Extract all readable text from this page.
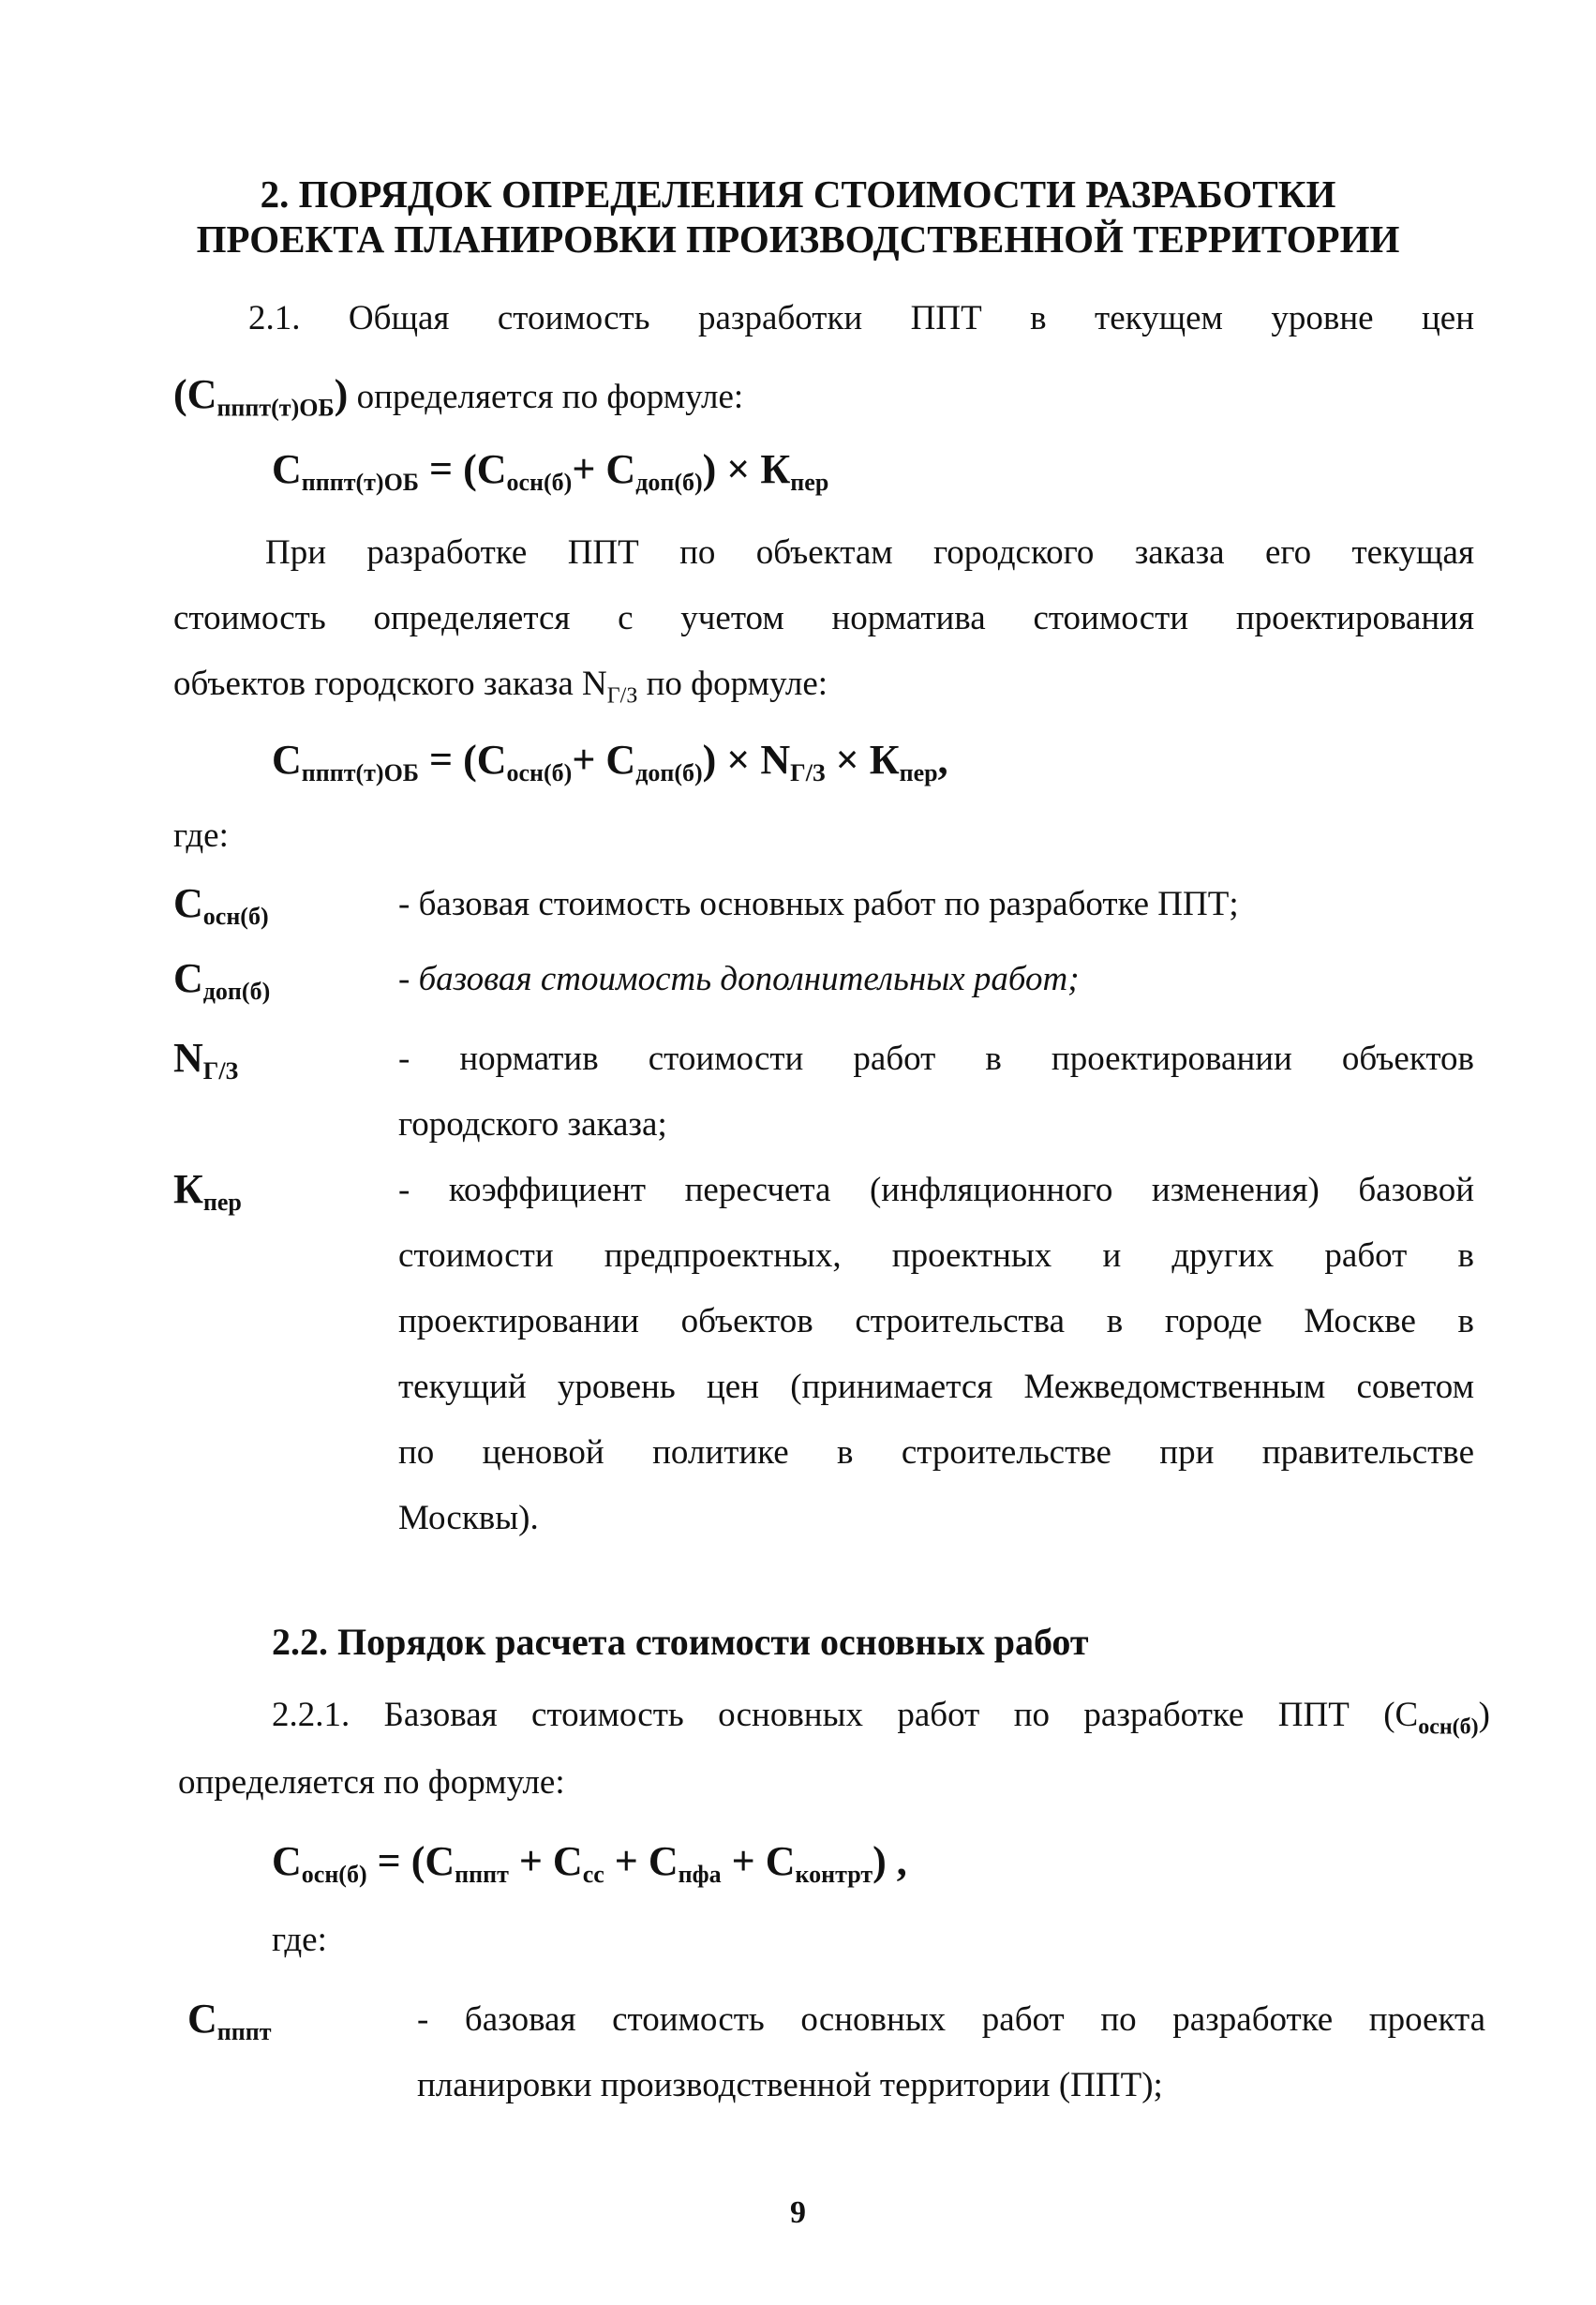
2. ПОРЯДОК ОПРЕДЕЛЕНИЯ СТОИМОСТИ РАЗРАБОТКИ
ПРОЕКТА ПЛАНИРОВКИ ПРОИЗВОДСТВЕННОЙ ТЕРРИТОРИИ
2.1. Общая стоимость разработки ППТ в текущем уровне цен
$(С_{пппт(т)ОБ})$ определяется по формуле:
$С_{пппт(т)ОБ} = (С_{осн(б)}+ С_{доп(б)}) \times К_{пер}$
При разработке ППТ по объектам городского заказа его текущая
стоимость определяется с учетом норматива стоимости проектирования
объектов городского заказа $N_{Г/З}$ по формуле:
$С_{пппт(т)ОБ} = (С_{осн(б)}+ С_{доп(б)}) \times N_{Г/З} \times К_{пер}$,
где:
$С_{осн(б)}$	- базовая стоимость основных работ по разработке ППТ;
$С_{доп(б)}$	- базовая стоимость дополнительных работ;
$N_{Г/З}$	- норматив стоимости работ в проектировании объектов
городского заказа;
$К_{пер}$	- коэффициент пересчета (инфляционного изменения) базовой
стоимости предпроектных, проектных и других работ в
проектировании объектов строительства в городе Москве в
текущий уровень цен (принимается Межведомственным советом
по ценовой политике в строительстве при правительстве
Москвы).
2.2. Порядок расчета стоимости основных работ
2.2.1. Базовая стоимость основных работ по разработке ППТ $(С_{осн(б)})$
определяется по формуле:
$С_{осн(б)} = (С_{пппт} + С_{сс} + С_{пфа} + С_{контрт})$ ,
где:
$С_{пппт}$	- базовая стоимость основных работ по разработке проекта
планировки производственной территории (ППТ);
9
